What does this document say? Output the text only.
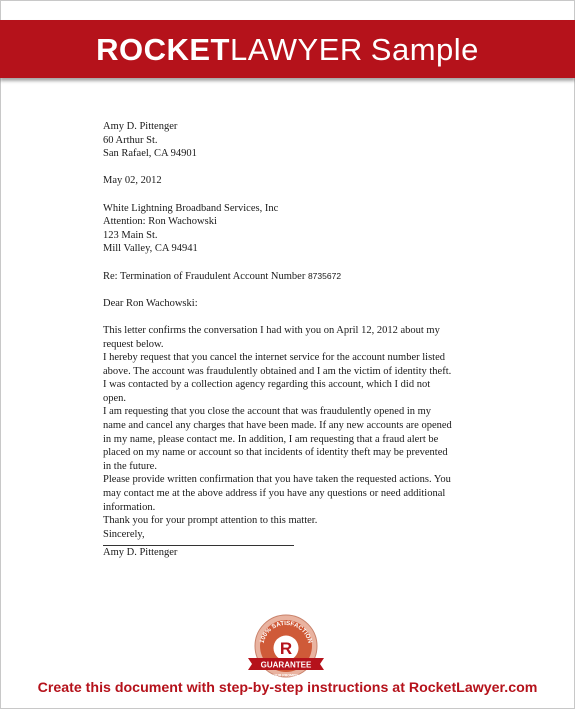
ROCKETLAWYER Sample

Amy D. Pittenger

60 Arthur St.

San Rafael, CA 94901

May 02, 2012

White Lightning Broadband Services, Inc

Attention: Ron Wachowski

123 Main St.

Mill Valley, CA 94941

Re: Termination of Fraudulent Account Number 8735672

Dear Ron Wachowski:

This letter confirms the conversation I had with you on April 12, 2012 about my request below.

I hereby request that you cancel the internet service for the account number listed above. The account was fraudulently obtained and I am the victim of identity theft. I was contacted by a collection agency regarding this account, which I did not open.

I am requesting that you close the account that was fraudulently opened in my name and cancel any charges that have been made. If any new accounts are opened in my name, please contact me. In addition, I am requesting that a fraud alert be placed on my name or account so that incidents of identity theft may be prevented in the future.

Please provide written confirmation that you have taken the requested actions. You may contact me at the above address if you have any questions or need additional information.

Thank you for your prompt attention to this matter.

Sincerely,

Amy D. Pittenger
100% SATISFACTION
R
GUARANTEE
OUR PROMISE
Create this document with step-by-step instructions at RocketLawyer.com
